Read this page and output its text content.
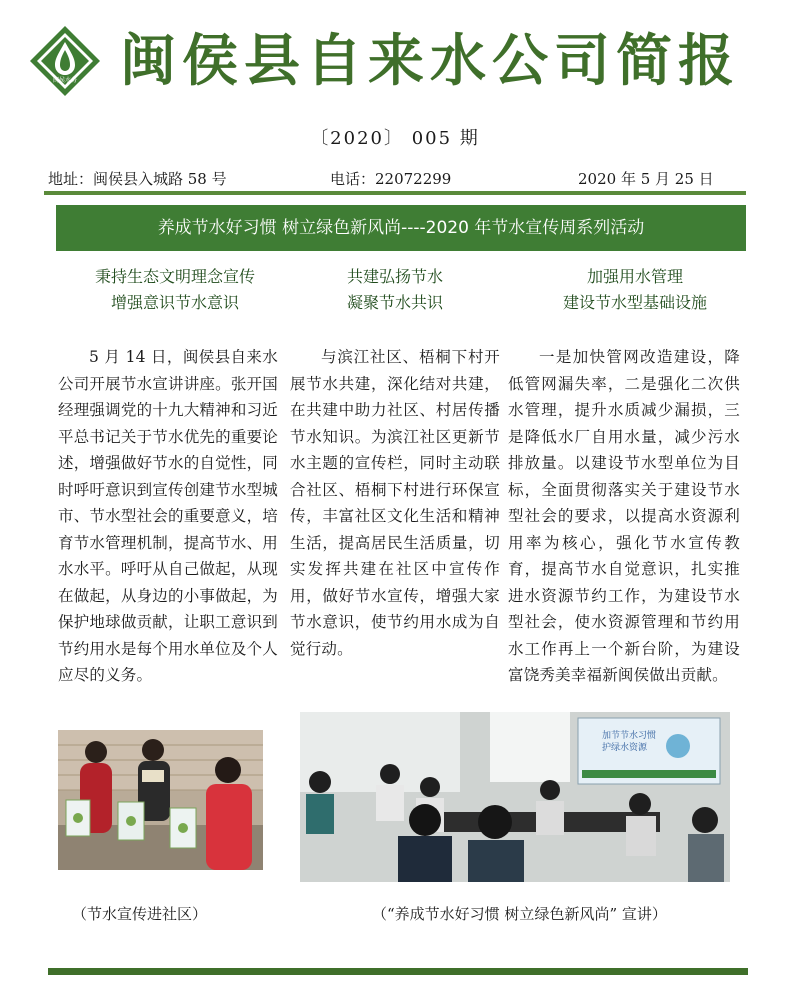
闽侯水务 闽侯县自来水公司简报
〔2020〕 005 期
地址：闽侯县入城路 58 号	电话：22072299	2020 年 5 月 25 日
养成节水好习惯 树立绿色新风尚----2020 年节水宣传周系列活动
秉持生态文明理念宣传
增强意识节水意识
共建弘扬节水
凝聚节水共识
加强用水管理
建设节水型基础设施

5 月 14 日，闽侯县自来水公司开展节水宣讲讲座。张开国经理强调党的十九大精神和习近平总书记关于节水优先的重要论述，增强做好节水的自觉性，同时呼吁意识到宣传创建节水型城市、节水型社会的重要意义，培育节水管理机制，提高节水、用水水平。呼吁从自己做起，从现在做起，从身边的小事做起，为保护地球做贡献，让职工意识到节约用水是每个用水单位及个人应尽的义务。

与滨江社区、梧桐下村开展节水共建，深化结对共建，在共建中助力社区、村居传播节水知识。为滨江社区更新节水主题的宣传栏，同时主动联合社区、梧桐下村进行环保宣传，丰富社区文化生活和精神生活，提高居民生活质量，切实发挥共建在社区中宣传作用，做好节水宣传，增强大家节水意识，使节约用水成为自觉行动。

一是加快管网改造建设，降低管网漏失率，二是强化二次供水管理，提升水质减少漏损，三是降低水厂自用水量，减少污水排放量。以建设节水型单位为目标，全面贯彻落实关于建设节水型社会的要求，以提高水资源利用率为核心，强化节水宣传教育，提高节水自觉意识，扎实推进水资源节约工作，为建设节水型社会，使水资源管理和节约用水工作再上一个新台阶，为建设富饶秀美幸福新闽侯做出贡献。

加节节水习惯
护绿水资源
（节水宣传进社区）	（“养成节水好习惯 树立绿色新风尚” 宣讲）
